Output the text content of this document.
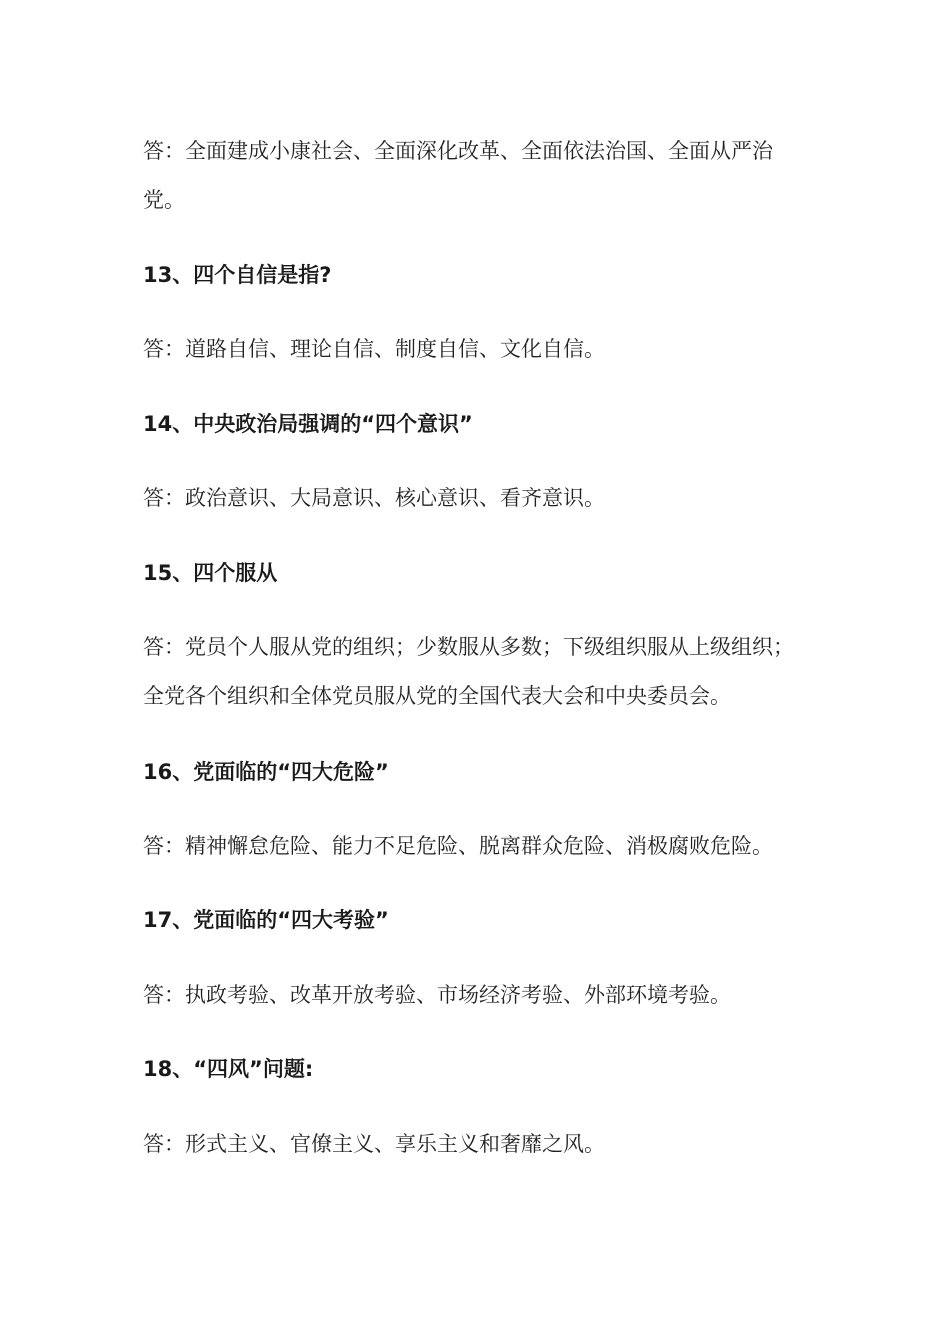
答：全面建成小康社会、全面深化改革、全面依法治国、全面从严治
党。
13、四个自信是指?
答：道路自信、理论自信、制度自信、文化自信。
14、中央政治局强调的“四个意识”
答：政治意识、大局意识、核心意识、看齐意识。
15、四个服从
答：党员个人服从党的组织；少数服从多数；下级组织服从上级组织；
全党各个组织和全体党员服从党的全国代表大会和中央委员会。
16、党面临的“四大危险”
答：精神懈怠危险、能力不足危险、脱离群众危险、消极腐败危险。
17、党面临的“四大考验”
答：执政考验、改革开放考验、市场经济考验、外部环境考验。
18、“四风”问题:
答：形式主义、官僚主义、享乐主义和奢靡之风。
